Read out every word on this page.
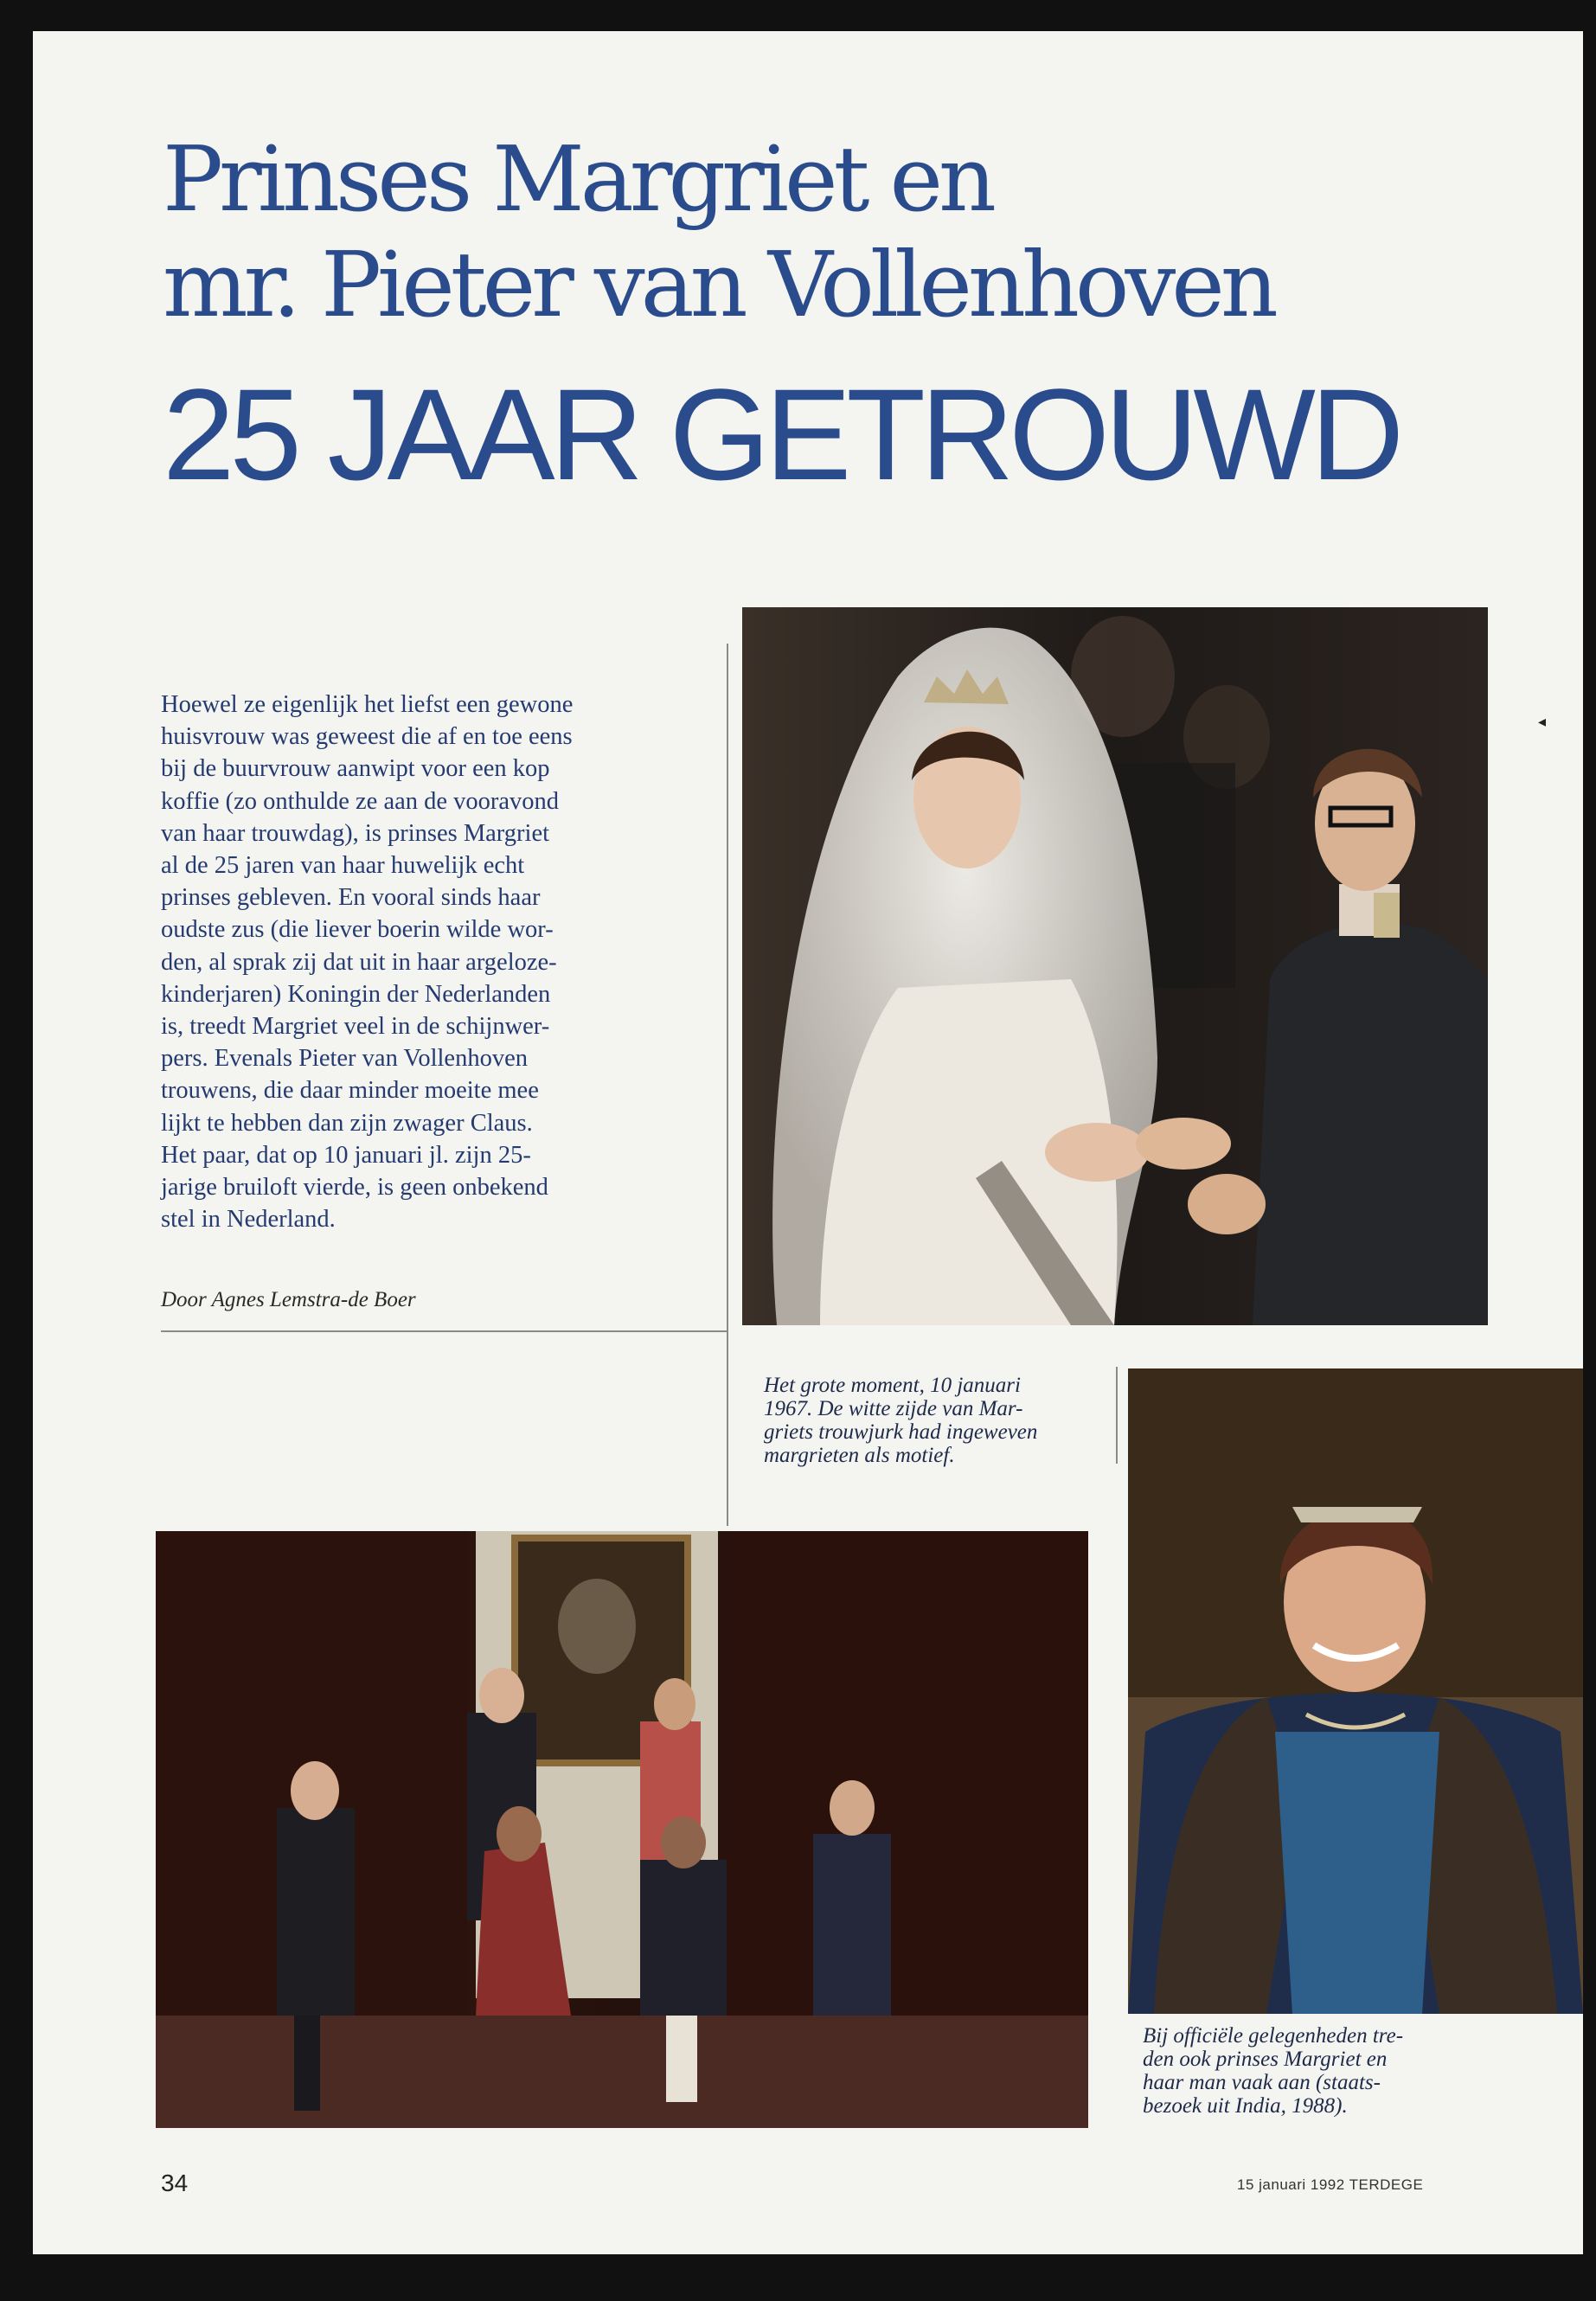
Prinses Margriet en
mr. Pieter van Vollenhoven
25 JAAR GETROUWD
Hoewel ze eigenlijk het liefst een gewone
huisvrouw was geweest die af en toe eens
bij de buurvrouw aanwipt voor een kop
koffie (zo onthulde ze aan de vooravond
van haar trouwdag), is prinses Margriet
al de 25 jaren van haar huwelijk echt
prinses gebleven. En vooral sinds haar
oudste zus (die liever boerin wilde wor-
den, al sprak zij dat uit in haar argeloze-
kinderjaren) Koningin der Nederlanden
is, treedt Margriet veel in de schijnwer-
pers. Evenals Pieter van Vollenhoven
trouwens, die daar minder moeite mee
lijkt te hebben dan zijn zwager Claus.
Het paar, dat op 10 januari jl. zijn 25-
jarige bruiloft vierde, is geen onbekend
stel in Nederland.
Door Agnes Lemstra-de Boer
Het grote moment, 10 januari
1967. De witte zijde van Mar-
griets trouwjurk had ingeweven
margrieten als motief.
Bij officiële gelegenheden tre-
den ook prinses Margriet en
haar man vaak aan (staats-
bezoek uit India, 1988).
◂
34	15 januari 1992 TERDEGE
